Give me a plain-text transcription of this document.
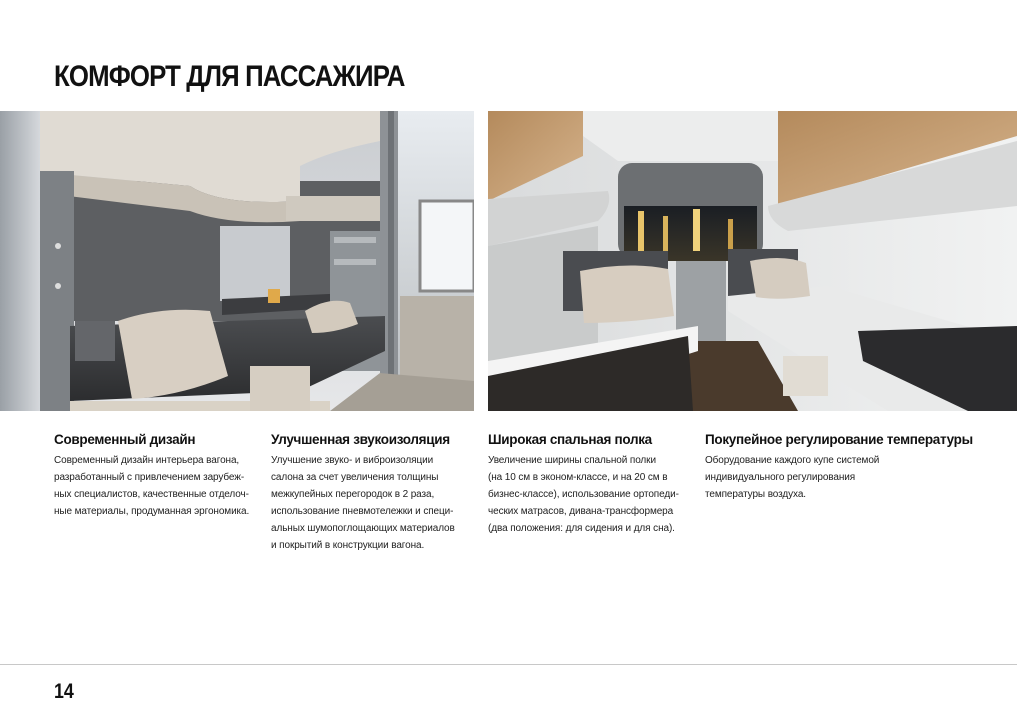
КОМФОРТ ДЛЯ ПАССАЖИРА
Современный дизайн

Современный дизайн интерьера вагона,
разработанный с привлечением зарубеж-
ных специалистов, качественные отделоч-
ные материалы, продуманная эргономика.

Улучшенная звукоизоляция

Улучшение звуко- и виброизоляции
салона за счет увеличения толщины
межкупейных перегородок в 2 раза,
использование пневмотележки и специ-
альных шумопоглощающих материалов
и покрытий в конструкции вагона.

Широкая спальная полка

Увеличение ширины спальной полки
(на 10 см в эконом-классе, и на 20 см в
бизнес-классе), использование ортопеди-
ческих матрасов, дивана-трансформера
(два положения: для сидения и для сна).

Покупейное регулирование температуры

Оборудование каждого купе системой
индивидуального регулирования
температуры воздуха.

14
